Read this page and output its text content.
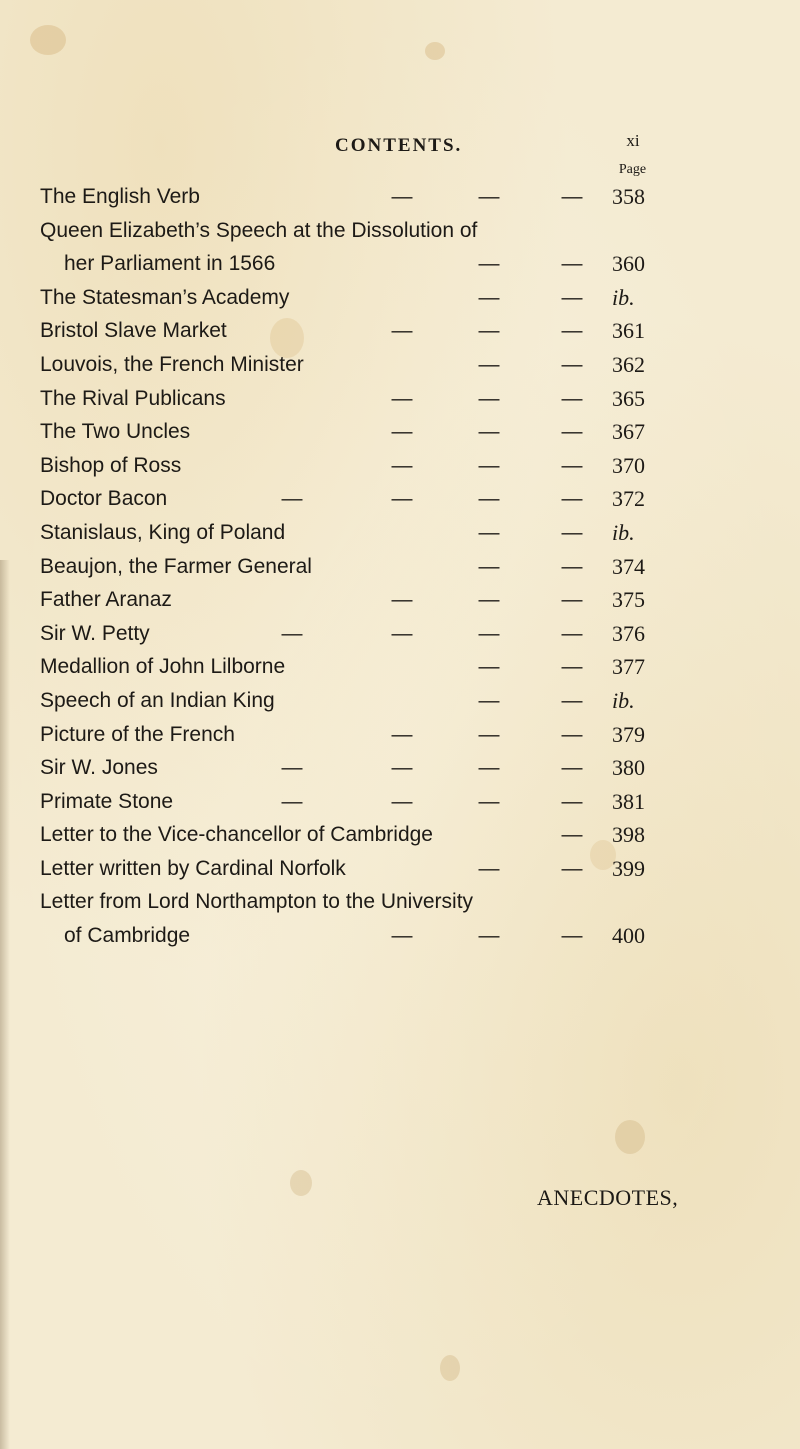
CONTENTS.	xi
Page
The English Verb	—	—	— 358
Queen Elizabeth’s Speech at the Dissolution of
her Parliament in 1566	—	— 360
The Statesman’s Academy	—	— ib.
Bristol Slave Market	—	—	— 361
Louvois, the French Minister	—	— 362
The Rival Publicans	—	—	— 365
The Two Uncles	—	—	— 367
Bishop of Ross	—	—	— 370
Doctor Bacon	—	—	—	— 372
Stanislaus, King of Poland	—	— ib.
Beaujon, the Farmer General	—	— 374
Father Aranaz	—	—	— 375
Sir W. Petty	—	—	—	— 376
Medallion of John Lilborne	—	— 377
Speech of an Indian King	—	— ib.
Picture of the French	—	—	— 379
Sir W. Jones	—	—	—	— 380
Primate Stone	—	—	—	— 381
Letter to the Vice-chancellor of Cambridge	— 398
Letter written by Cardinal Norfolk	—	— 399
Letter from Lord Northampton to the University
of Cambridge	—	—	— 400
ANECDOTES,
